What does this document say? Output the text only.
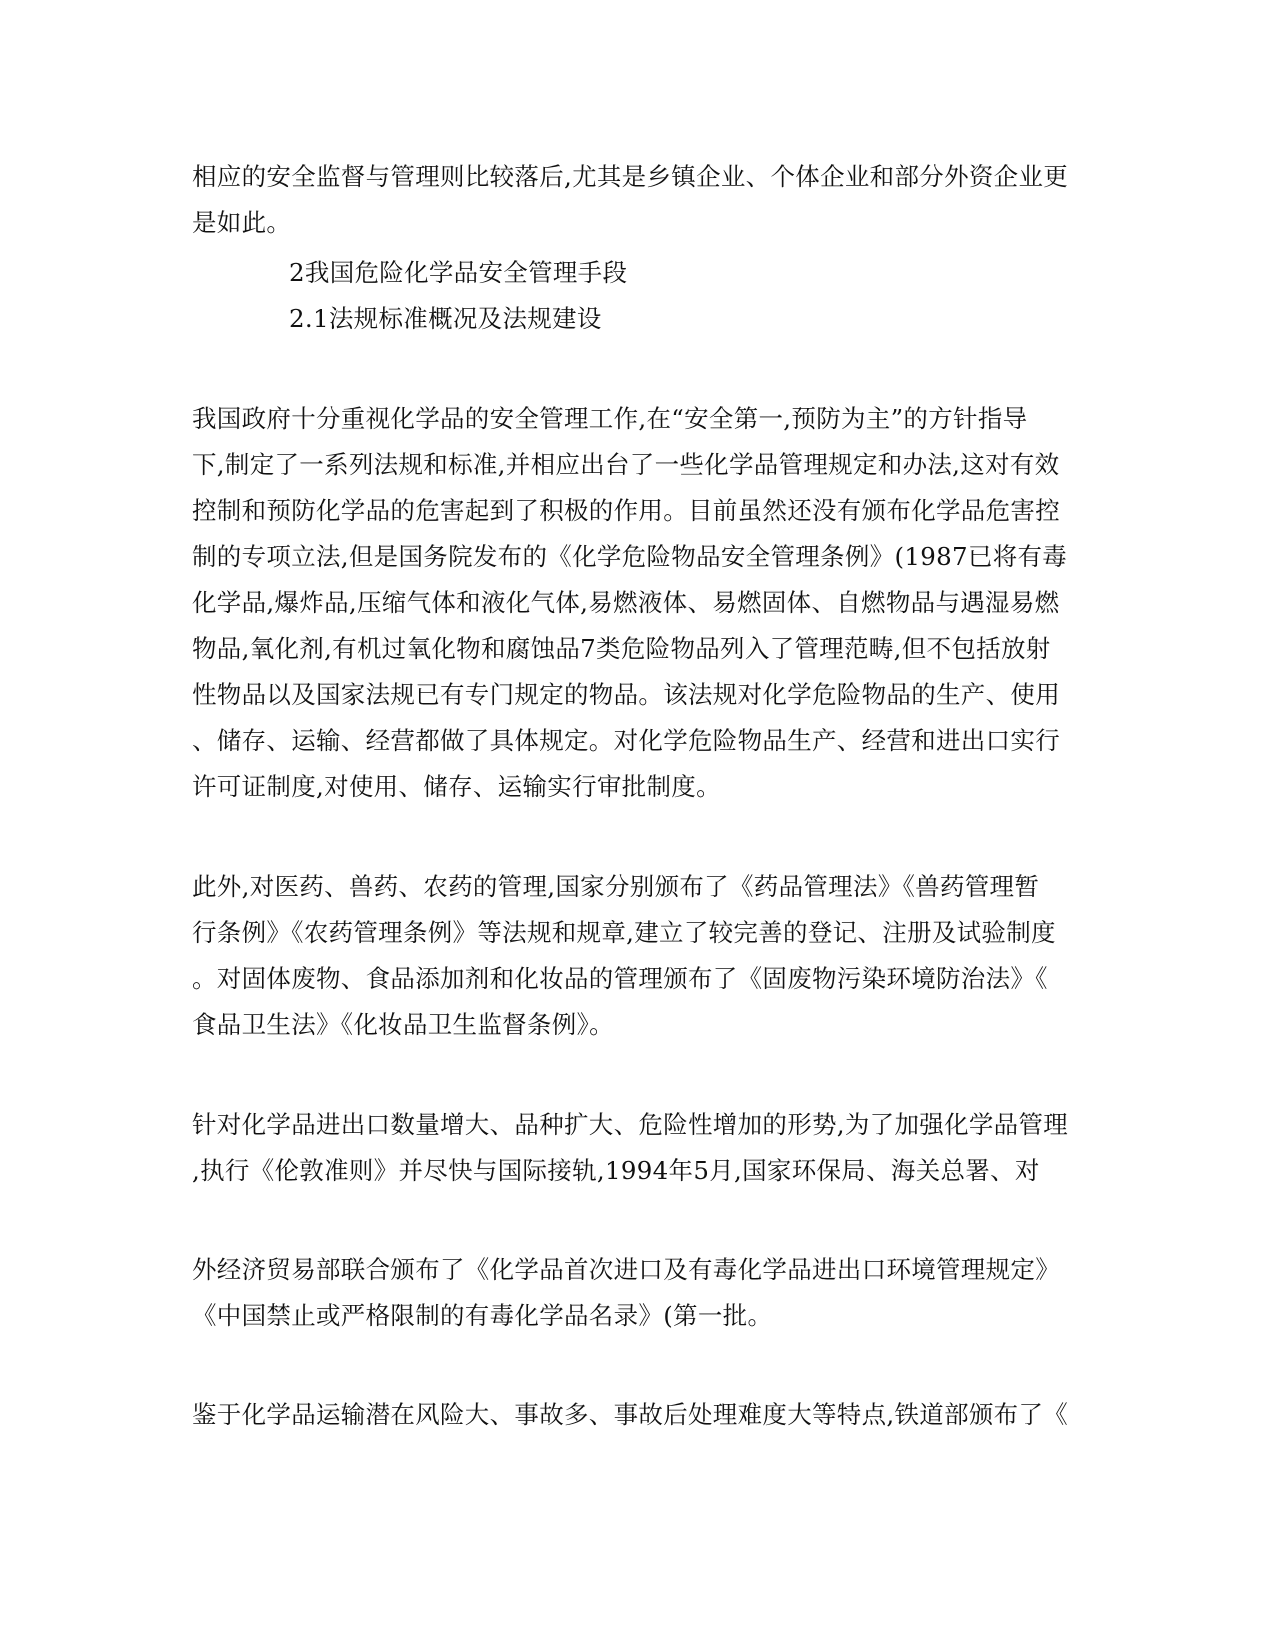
相应的安全监督与管理则比较落后,尤其是乡镇企业、个体企业和部分外资企业更
是如此。
2我国危险化学品安全管理手段
2.1法规标准概况及法规建设
我国政府十分重视化学品的安全管理工作,在“安全第一,预防为主”的方针指导
下,制定了一系列法规和标准,并相应出台了一些化学品管理规定和办法,这对有效
控制和预防化学品的危害起到了积极的作用。目前虽然还没有颁布化学品危害控
制的专项立法,但是国务院发布的《化学危险物品安全管理条例》(1987已将有毒
化学品,爆炸品,压缩气体和液化气体,易燃液体、易燃固体、自燃物品与遇湿易燃
物品,氧化剂,有机过氧化物和腐蚀品7类危险物品列入了管理范畴,但不包括放射
性物品以及国家法规已有专门规定的物品。该法规对化学危险物品的生产、使用
、储存、运输、经营都做了具体规定。对化学危险物品生产、经营和进出口实行
许可证制度,对使用、储存、运输实行审批制度。
此外,对医药、兽药、农药的管理,国家分别颁布了《药品管理法》《兽药管理暂
行条例》《农药管理条例》等法规和规章,建立了较完善的登记、注册及试验制度
。对固体废物、食品添加剂和化妆品的管理颁布了《固废物污染环境防治法》《
食品卫生法》《化妆品卫生监督条例》。
针对化学品进出口数量增大、品种扩大、危险性增加的形势,为了加强化学品管理
,执行《伦敦准则》并尽快与国际接轨,1994年5月,国家环保局、海关总署、对
外经济贸易部联合颁布了《化学品首次进口及有毒化学品进出口环境管理规定》
《中国禁止或严格限制的有毒化学品名录》(第一批。
鉴于化学品运输潜在风险大、事故多、事故后处理难度大等特点,铁道部颁布了《
